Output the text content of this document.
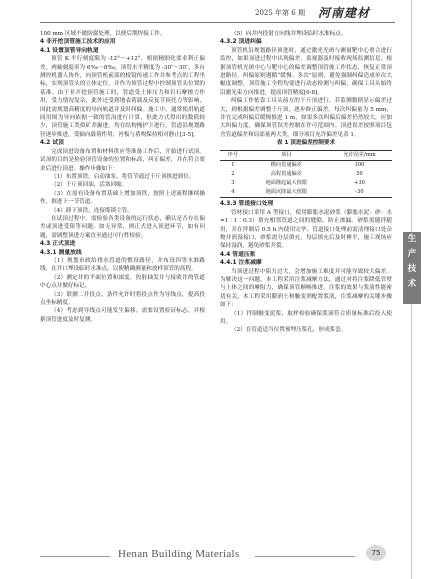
2025 年第 6 期 河南建材
生
产
技
术

100 mm 区域不做防腐处理，以便后期焊接工作。

4 非开挖顶管施工技术的应用

4.1 设置顶管导向轨道

顶管 K 平行刻度限为 -12°～+12°，根据精细化要求利正偏差，两轴刻度率为 6‰～8‰，顶管水平精度为 -30″～30″。多台测控机器人协作，向顶管机前部的棱镜传递工作并参考点的工程坐标，实现顶管头的立体定位，并作为顶管过程中控制顶管头位置的基准。由于非开挖顶管施工时，管道受土体压力和岩石摩擦力作用，受力情况复杂，此外还受到地表荷载及反复节顶托力等影响，因此需规划高精度的导向轨道并及时纠偏。施工中，通常使用轨道间用图为导向依据一致的管沟进行计算，但此方式得出的数值较少，顶管施工类似矿井掘进，均在结构掩护下进行，管道沿规划路径逐步推进，受轴向载荷作用，衬板与盾构保持相对静止[3-5]。

4.2 试顶

完成顶进设备布置和材料供应等准备工作后，开始进行试顶。试顶的目的是检验顶管设备的位置和标高，纠正偏差，并在符合要求后进行顶进。操作步骤如下：

（1）布置顶铁，启动油泵，将管节通过千斤顶推进到位。

（2）千斤顶回油，活塞回缩。

（3）在原有设备布置基础上增加顶铁，按照上述流程继续操作，推进下一节管道。

（4）卸下顶铁，连接缆锁主管。

在试顶过程中，需检验各类设备的运行状态，确认是否存在偏差或顶进受阻等问题。如无异常，则正式进入顶进环节，如有问题，需调整顶进方案直至通过可行性检验。

4.3 正式顶进

4.3.1 测量放线

（1）规划市政给排水管道的敷设路径，并布设四等水准路线，在井口埋设临时水准点，以便精确测量和放样顶管的高程。

（2）测定井的平面位置和深度，投射轴发并与接收井的管道中心点并做好标记。

（3）联测二井投点，条件允许时将投点作为导线点，提高投点坐标精度。

（4）考虑到导线点可能发生偏移，需要设置验证标志，并根据顶管进度及时复测。

（5）向井内投射方向线并埋设临时水准标点。

4.3.2 顶进纠偏

顶管机沿规划路径顶进时，通过激光光斑与测量靶中心重合进行监控，如果顶进过程中出现偏差，监视器及时接收现场监测信息，根据顶管机光斑中心与靶中心的偏差调整顶管施工作状态，恢复正常顶进路径。纠偏原则遵循“缓慢、多次”原则，避免强制纠偏造成单次大幅度调整。顶管施工全程均要进行动态检测与纠偏，确保工具头始终沿激光束方向推进，提高顶管精度[6-8]。

纠偏工作依靠工具头前方的千斤顶进行，若监测数据显示偏差过大，则根据偏差调整千斤顶，逐步修正偏差。每次纠偏量为 5 mm，并在完成纠偏后缓慢推进 1 m，如果多次纠偏后偏差仍然较大，应加大纠偏力度，确保顶管误差控制在许可范围内。顶进误差按照项目包含管道偏差和局部量两大类，细分项目允许偏差见表 1。

表 1 顶进偏差控制要求
序号	项目	允许误差/mm
1	横向贯通偏差	100
2	高程贯通偏差	50
3	地面隆起最大值限	+30
4	地面沉降最大值限	-30

4.3.3 管道接口处理

管材接口采用 A 型接口，使用膨胀水泥砂浆（膨胀水泥：砂：水=1∶1∶0.3）填充相邻管道之间的缝隙，防止渗漏。砂浆需随拌随用，并在拌制后 0.5 h 内使用完毕。管道接口处理前需清理接口处杂物并润湿接口，砂浆需分层填充，每层填充后及时捶平，施工现场应保持湿润，避免砂浆开裂。

4.4 管道压浆

4.4.1 注浆减摩

当顶进过程中阻力过大，会增加施工难度并可能导致较大偏差。为解决这一问题，本工程采用注浆减摩方法，通过对将注浆降低管壁与土体之间的摩阻力，确保顶管顺畅推进。注浆的效果与浆液性能密切有关，本工程采用膨润土和触变剂配置浆液，注浆减摩的关键步骤如下：

（1）拌制触变泥浆，取样检验确保浆液符合质量标准后投入使用。

（2）在管道适当位置预埋压浆孔，形成浆套。

Henan Building Materials	75
